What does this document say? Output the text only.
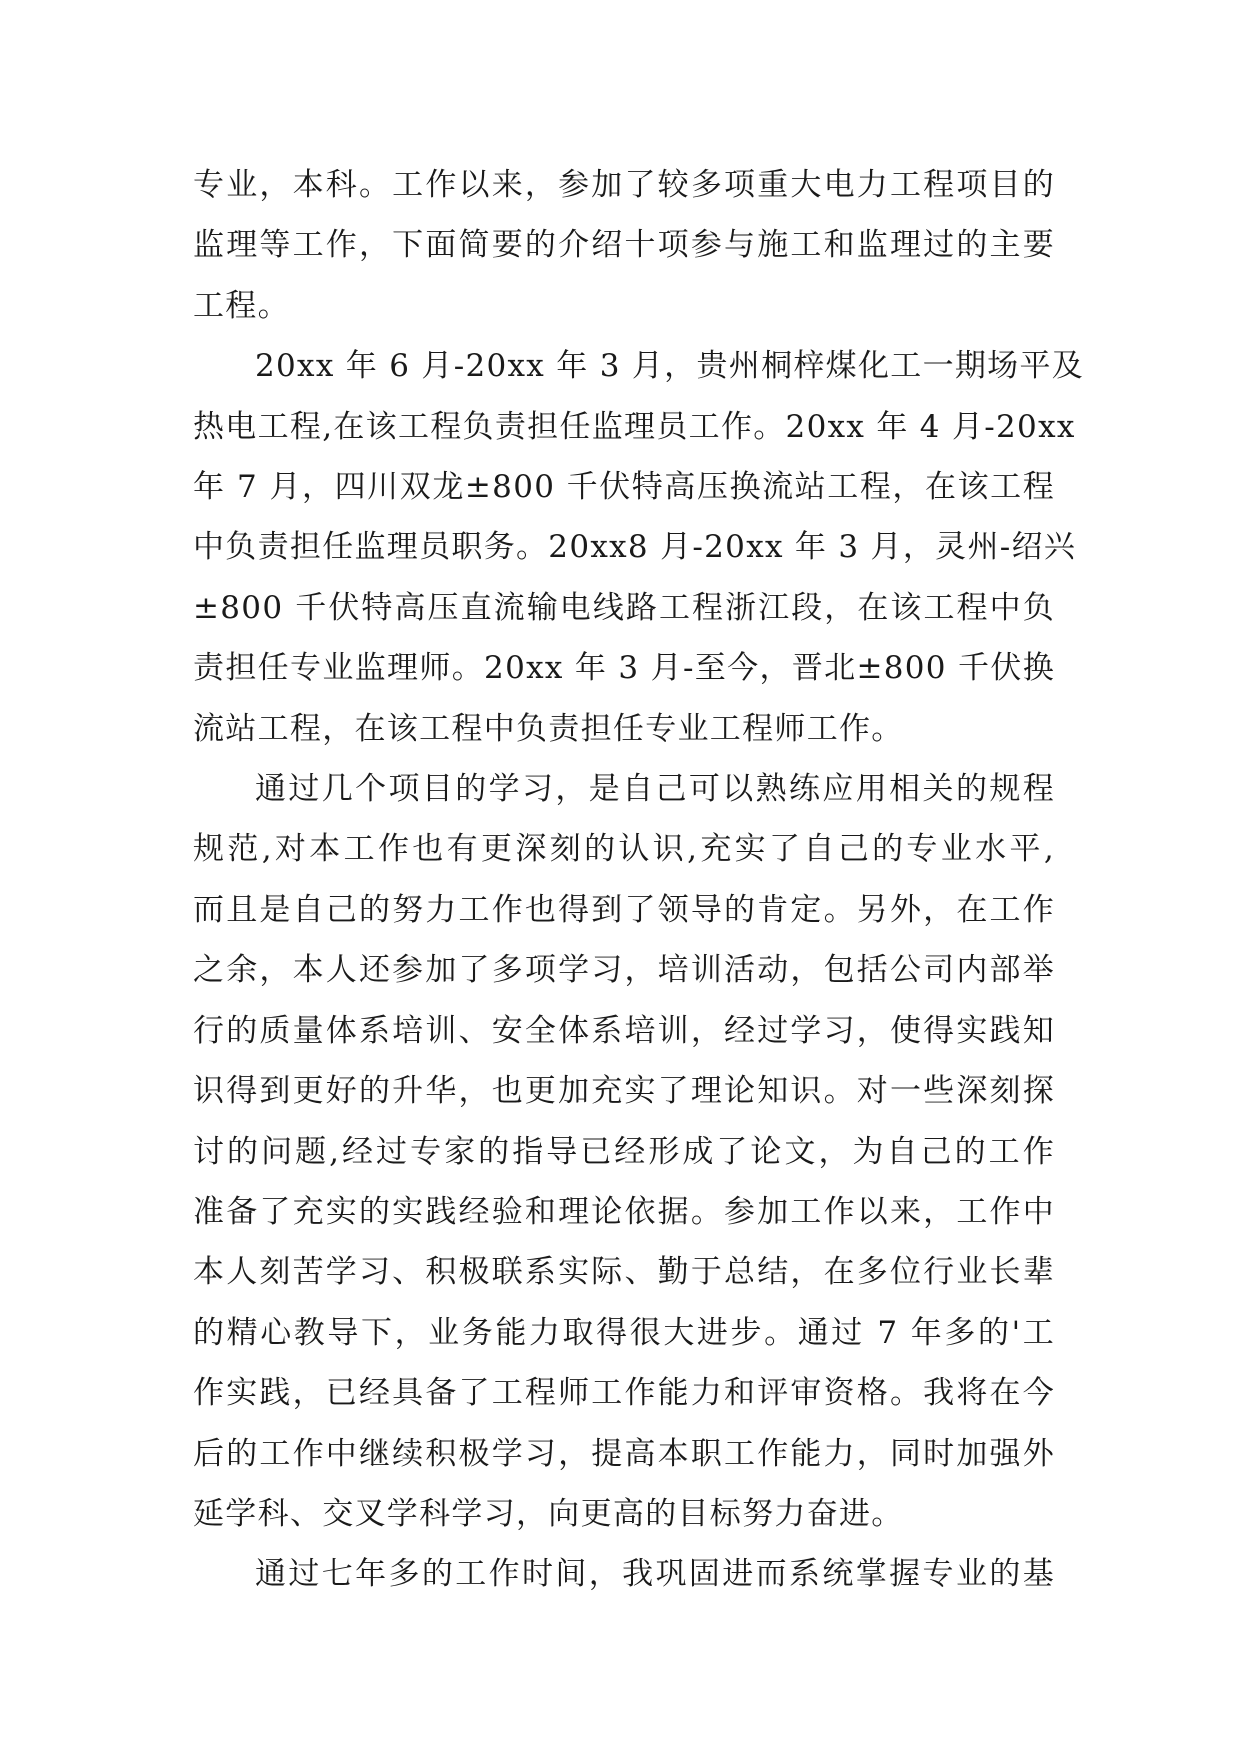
专业，本科。工作以来，参加了较多项重大电力工程项目的
监理等工作，下面简要的介绍十项参与施工和监理过的主要
工程。
20xx 年 6 月-20xx 年 3 月，贵州桐梓煤化工一期场平及
热电工程,在该工程负责担任监理员工作。20xx 年 4 月-20xx
年 7 月，四川双龙±800 千伏特高压换流站工程，在该工程
中负责担任监理员职务。20xx8 月-20xx 年 3 月，灵州-绍兴
±800 千伏特高压直流输电线路工程浙江段，在该工程中负
责担任专业监理师。20xx 年 3 月-至今，晋北±800 千伏换
流站工程，在该工程中负责担任专业工程师工作。
通过几个项目的学习，是自己可以熟练应用相关的规程
规范,对本工作也有更深刻的认识,充实了自己的专业水平,
而且是自己的努力工作也得到了领导的肯定。另外，在工作
之余，本人还参加了多项学习，培训活动，包括公司内部举
行的质量体系培训、安全体系培训，经过学习，使得实践知
识得到更好的升华，也更加充实了理论知识。对一些深刻探
讨的问题,经过专家的指导已经形成了论文，为自己的工作
准备了充实的实践经验和理论依据。参加工作以来，工作中
本人刻苦学习、积极联系实际、勤于总结，在多位行业长辈
的精心教导下，业务能力取得很大进步。通过 7 年多的'工
作实践，已经具备了工程师工作能力和评审资格。我将在今
后的工作中继续积极学习，提高本职工作能力，同时加强外
延学科、交叉学科学习，向更高的目标努力奋进。
通过七年多的工作时间，我巩固进而系统掌握专业的基
